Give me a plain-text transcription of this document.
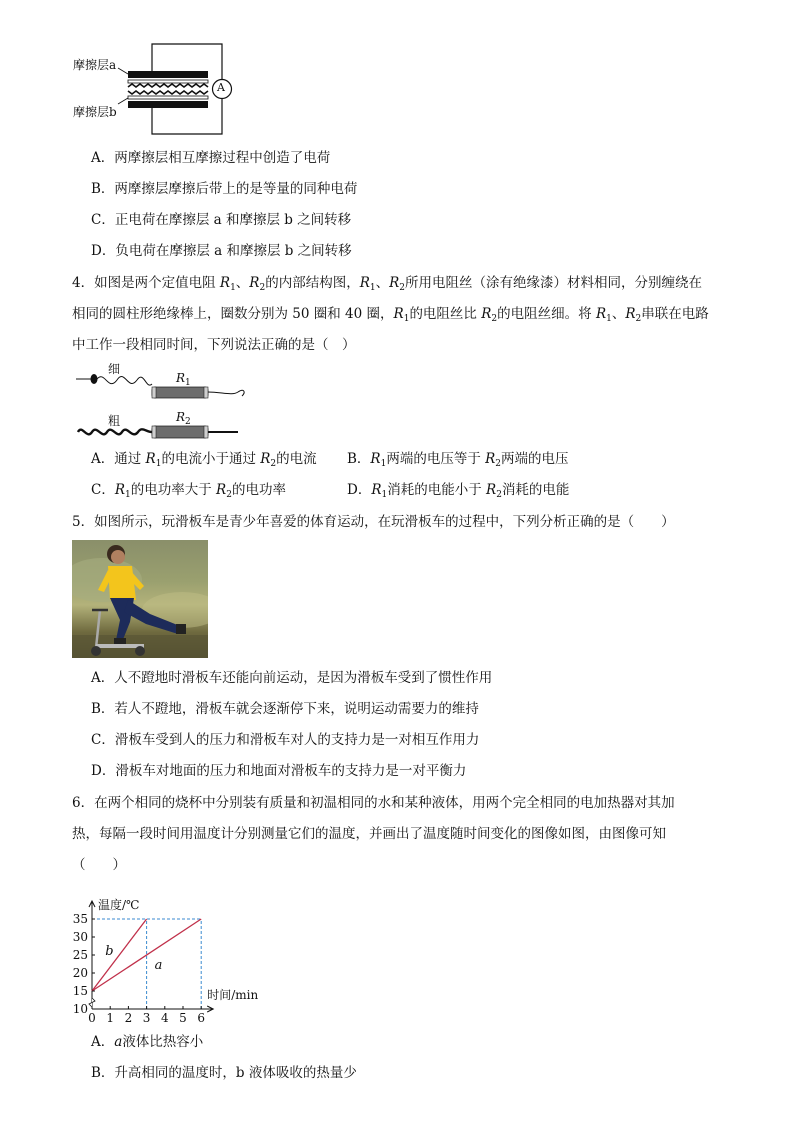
A
摩擦层a
摩擦层b
A．两摩擦层相互摩擦过程中创造了电荷
B．两摩擦层摩擦后带上的是等量的同种电荷
C．正电荷在摩擦层 a 和摩擦层 b 之间转移
D．负电荷在摩擦层 a 和摩擦层 b 之间转移
4．如图是两个定值电阻 $R_1$、$R_2$的内部结构图，$R_1$、$R_2$所用电阻丝（涂有绝缘漆）材料相同，分别缠绕在
相同的圆柱形绝缘棒上，圈数分别为 50 圈和 40 圈，$R_1$的电阻丝比 $R_2$的电阻丝细。将 $R_1$、$R_2$串联在电路
中工作一段相同时间，下列说法正确的是（　）
细
$R_1$
粗	$R_2$
A．通过 $R_1$的电流小于通过 $R_2$的电流 B．$R_1$两端的电压等于 $R_2$两端的电压
C．$R_1$的电功率大于 $R_2$的电功率	D．$R_1$消耗的电能小于 $R_2$消耗的电能
5．如图所示，玩滑板车是青少年喜爱的体育运动，在玩滑板车的过程中，下列分析正确的是（　　）
A．人不蹬地时滑板车还能向前运动，是因为滑板车受到了惯性作用
B．若人不蹬地，滑板车就会逐渐停下来，说明运动需要力的维持
C．滑板车受到人的压力和滑板车对人的支持力是一对相互作用力
D．滑板车对地面的压力和地面对滑板车的支持力是一对平衡力
6．在两个相同的烧杯中分别装有质量和初温相同的水和某种液体，用两个完全相同的电加热器对其加
热，每隔一段时间用温度计分别测量它们的温度，并画出了温度随时间变化的图像如图，由图像可知
（　　）
b
a
温度/℃
时间/min
0 1 2 3 4 5 6
10
15
20
25
30
35
A．a液体比热容小
B．升高相同的温度时，b 液体吸收的热量少
